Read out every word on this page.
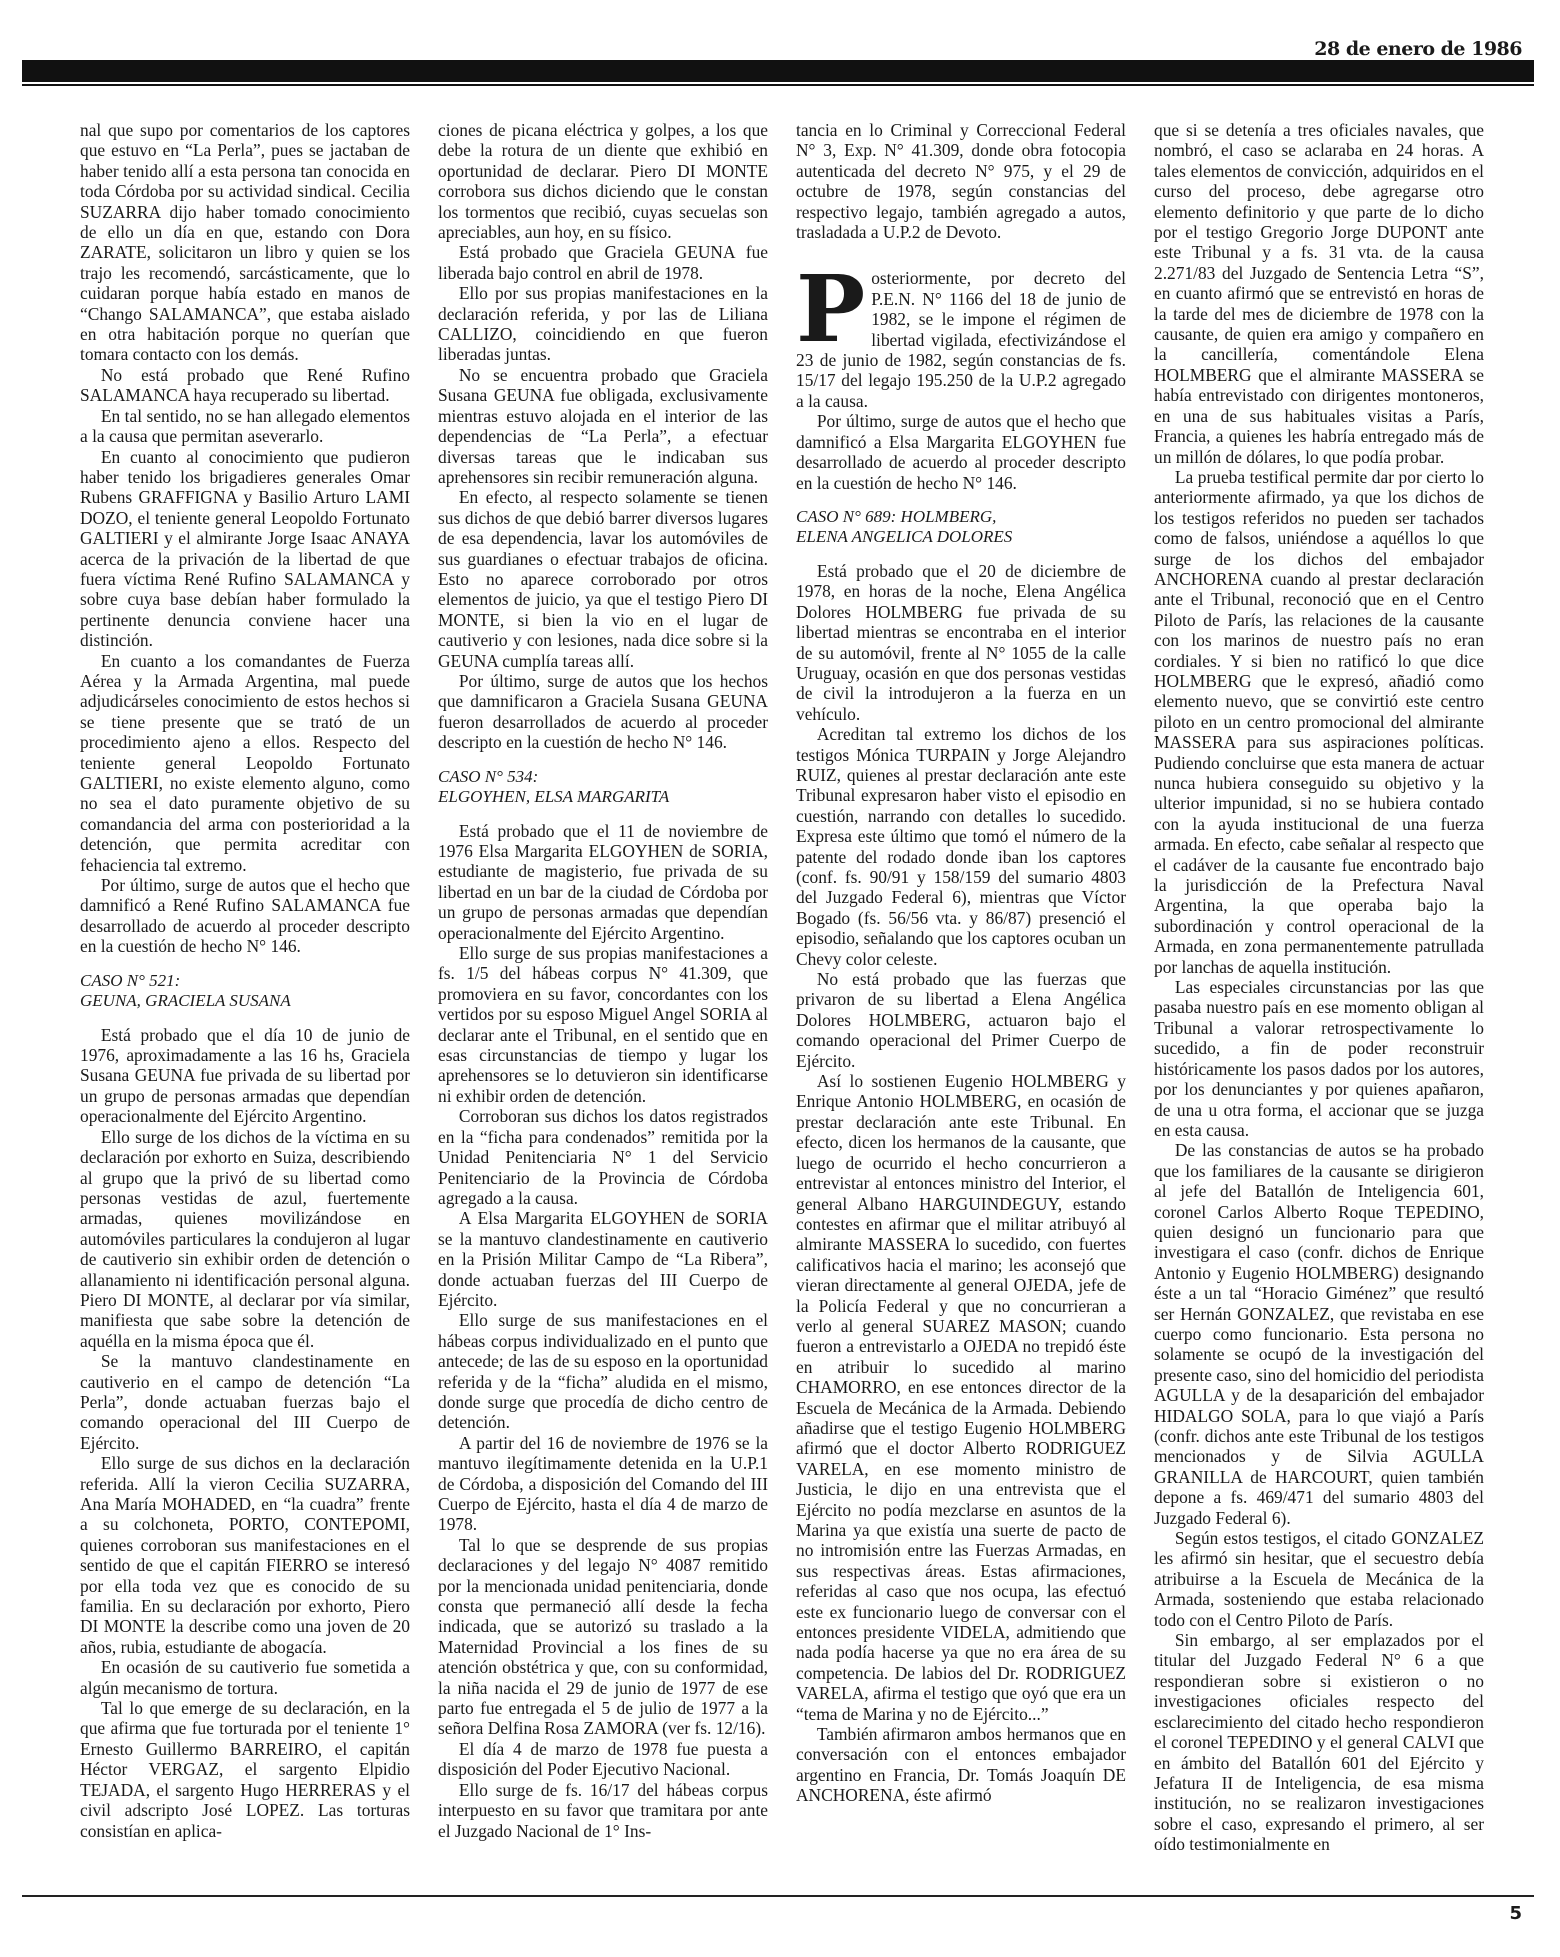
28 de enero de 1986

nal que supo por comentarios de los captores que estuvo en “La Perla”, pues se jactaban de haber tenido allí a esta persona tan conocida en toda Córdoba por su actividad sindical. Cecilia SUZARRA dijo haber tomado conocimiento de ello un día en que, estando con Dora ZARATE, solicitaron un libro y quien se los trajo les recomendó, sarcásticamente, que lo cuidaran porque había estado en manos de “Chango SALAMANCA”, que estaba aislado en otra habitación porque no querían que tomara contacto con los demás.

No está probado que René Rufino SALAMANCA haya recuperado su libertad.

En tal sentido, no se han allegado elementos a la causa que permitan aseverarlo.

En cuanto al conocimiento que pudieron haber tenido los brigadieres generales Omar Rubens GRAFFIGNA y Basilio Arturo LAMI DOZO, el teniente general Leopoldo Fortunato GALTIERI y el almirante Jorge Isaac ANAYA acerca de la privación de la libertad de que fuera víctima René Rufino SALAMANCA y sobre cuya base debían haber formulado la pertinente denuncia conviene hacer una distinción.

En cuanto a los comandantes de Fuerza Aérea y la Armada Argentina, mal puede adjudicárseles conocimiento de estos hechos si se tiene presente que se trató de un procedimiento ajeno a ellos. Respecto del teniente general Leopoldo Fortunato GALTIERI, no existe elemento alguno, como no sea el dato puramente objetivo de su comandancia del arma con posterioridad a la detención, que permita acreditar con fehaciencia tal extremo.

Por último, surge de autos que el hecho que damnificó a René Rufino SALAMANCA fue desarrollado de acuerdo al proceder descripto en la cuestión de hecho N° 146.

CASO N° 521:
GEUNA, GRACIELA SUSANA

Está probado que el día 10 de junio de 1976, aproximadamente a las 16 hs, Graciela Susana GEUNA fue privada de su libertad por un grupo de personas armadas que dependían operacionalmente del Ejército Argentino.

Ello surge de los dichos de la víctima en su declaración por exhorto en Suiza, describiendo al grupo que la privó de su libertad como personas vestidas de azul, fuertemente armadas, quienes movilizándose en automóviles particulares la condujeron al lugar de cautiverio sin exhibir orden de detención o allanamiento ni identificación personal alguna. Piero DI MONTE, al declarar por vía similar, manifiesta que sabe sobre la detención de aquélla en la misma época que él.

Se la mantuvo clandestinamente en cautiverio en el campo de detención “La Perla”, donde actuaban fuerzas bajo el comando operacional del III Cuerpo de Ejército.

Ello surge de sus dichos en la declaración referida. Allí la vieron Cecilia SUZARRA, Ana María MOHADED, en “la cuadra” frente a su colchoneta, PORTO, CONTEPOMI, quienes corroboran sus manifestaciones en el sentido de que el capitán FIERRO se interesó por ella toda vez que es conocido de su familia. En su declaración por exhorto, Piero DI MONTE la describe como una joven de 20 años, rubia, estudiante de abogacía.

En ocasión de su cautiverio fue sometida a algún mecanismo de tortura.

Tal lo que emerge de su declaración, en la que afirma que fue torturada por el teniente 1° Ernesto Guillermo BARREIRO, el capitán Héctor VERGAZ, el sargento Elpidio TEJADA, el sargento Hugo HERRERAS y el civil adscripto José LOPEZ. Las torturas consistían en aplica-

ciones de picana eléctrica y golpes, a los que debe la rotura de un diente que exhibió en oportunidad de declarar. Piero DI MONTE corrobora sus dichos diciendo que le constan los tormentos que recibió, cuyas secuelas son apreciables, aun hoy, en su físico.

Está probado que Graciela GEUNA fue liberada bajo control en abril de 1978.

Ello por sus propias manifestaciones en la declaración referida, y por las de Liliana CALLIZO, coincidiendo en que fueron liberadas juntas.

No se encuentra probado que Graciela Susana GEUNA fue obligada, exclusivamente mientras estuvo alojada en el interior de las dependencias de “La Perla”, a efectuar diversas tareas que le indicaban sus aprehensores sin recibir remuneración alguna.

En efecto, al respecto solamente se tienen sus dichos de que debió barrer diversos lugares de esa dependencia, lavar los automóviles de sus guardianes o efectuar trabajos de oficina. Esto no aparece corroborado por otros elementos de juicio, ya que el testigo Piero DI MONTE, si bien la vio en el lugar de cautiverio y con lesiones, nada dice sobre si la GEUNA cumplía tareas allí.

Por último, surge de autos que los hechos que damnificaron a Graciela Susana GEUNA fueron desarrollados de acuerdo al proceder descripto en la cuestión de hecho N° 146.

CASO N° 534:
ELGOYHEN, ELSA MARGARITA

Está probado que el 11 de noviembre de 1976 Elsa Margarita ELGOYHEN de SORIA, estudiante de magisterio, fue privada de su libertad en un bar de la ciudad de Córdoba por un grupo de personas armadas que dependían operacionalmente del Ejército Argentino.

Ello surge de sus propias manifestaciones a fs. 1/5 del hábeas corpus N° 41.309, que promoviera en su favor, concordantes con los vertidos por su esposo Miguel Angel SORIA al declarar ante el Tribunal, en el sentido que en esas circunstancias de tiempo y lugar los aprehensores se lo detuvieron sin identificarse ni exhibir orden de detención.

Corroboran sus dichos los datos registrados en la “ficha para condenados” remitida por la Unidad Penitenciaria N° 1 del Servicio Penitenciario de la Provincia de Córdoba agregado a la causa.

A Elsa Margarita ELGOYHEN de SORIA se la mantuvo clandestinamente en cautiverio en la Prisión Militar Campo de “La Ribera”, donde actuaban fuerzas del III Cuerpo de Ejército.

Ello surge de sus manifestaciones en el hábeas corpus individualizado en el punto que antecede; de las de su esposo en la oportunidad referida y de la “ficha” aludida en el mismo, donde surge que procedía de dicho centro de detención.

A partir del 16 de noviembre de 1976 se la mantuvo ilegítimamente detenida en la U.P.1 de Córdoba, a disposición del Comando del III Cuerpo de Ejército, hasta el día 4 de marzo de 1978.

Tal lo que se desprende de sus propias declaraciones y del legajo N° 4087 remitido por la mencionada unidad penitenciaria, donde consta que permaneció allí desde la fecha indicada, que se autorizó su traslado a la Maternidad Provincial a los fines de su atención obstétrica y que, con su conformidad, la niña nacida el 29 de junio de 1977 de ese parto fue entregada el 5 de julio de 1977 a la señora Delfina Rosa ZAMORA (ver fs. 12/16).

El día 4 de marzo de 1978 fue puesta a disposición del Poder Ejecutivo Nacional.

Ello surge de fs. 16/17 del hábeas corpus interpuesto en su favor que tramitara por ante el Juzgado Nacional de 1° Ins-

tancia en lo Criminal y Correccional Federal N° 3, Exp. N° 41.309, donde obra fotocopia autenticada del decreto N° 975, y el 29 de octubre de 1978, según constancias del respectivo legajo, también agregado a autos, trasladada a U.P.2 de Devoto.

Posteriormente, por decreto del P.E.N. N° 1166 del 18 de junio de 1982, se le impone el régimen de libertad vigilada, efectivizándose el 23 de junio de 1982, según constancias de fs. 15/17 del legajo 195.250 de la U.P.2 agregado a la causa.

Por último, surge de autos que el hecho que damnificó a Elsa Margarita ELGOYHEN fue desarrollado de acuerdo al proceder descripto en la cuestión de hecho N° 146.

CASO N° 689: HOLMBERG,
ELENA ANGELICA DOLORES

Está probado que el 20 de diciembre de 1978, en horas de la noche, Elena Angélica Dolores HOLMBERG fue privada de su libertad mientras se encontraba en el interior de su automóvil, frente al N° 1055 de la calle Uruguay, ocasión en que dos personas vestidas de civil la introdujeron a la fuerza en un vehículo.

Acreditan tal extremo los dichos de los testigos Mónica TURPAIN y Jorge Alejandro RUIZ, quienes al prestar declaración ante este Tribunal expresaron haber visto el episodio en cuestión, narrando con detalles lo sucedido. Expresa este último que tomó el número de la patente del rodado donde iban los captores (conf. fs. 90/91 y 158/159 del sumario 4803 del Juzgado Federal 6), mientras que Víctor Bogado (fs. 56/56 vta. y 86/87) presenció el episodio, señalando que los captores ocuban un Chevy color celeste.

No está probado que las fuerzas que privaron de su libertad a Elena Angélica Dolores HOLMBERG, actuaron bajo el comando operacional del Primer Cuerpo de Ejército.

Así lo sostienen Eugenio HOLMBERG y Enrique Antonio HOLMBERG, en ocasión de prestar declaración ante este Tribunal. En efecto, dicen los hermanos de la causante, que luego de ocurrido el hecho concurrieron a entrevistar al entonces ministro del Interior, el general Albano HARGUINDEGUY, estando contestes en afirmar que el militar atribuyó al almirante MASSERA lo sucedido, con fuertes calificativos hacia el marino; les aconsejó que vieran directamente al general OJEDA, jefe de la Policía Federal y que no concurrieran a verlo al general SUAREZ MASON; cuando fueron a entrevistarlo a OJEDA no trepidó éste en atribuir lo sucedido al marino CHAMORRO, en ese entonces director de la Escuela de Mecánica de la Armada. Debiendo añadirse que el testigo Eugenio HOLMBERG afirmó que el doctor Alberto RODRIGUEZ VARELA, en ese momento ministro de Justicia, le dijo en una entrevista que el Ejército no podía mezclarse en asuntos de la Marina ya que existía una suerte de pacto de no intromisión entre las Fuerzas Armadas, en sus respectivas áreas. Estas afirmaciones, referidas al caso que nos ocupa, las efectuó este ex funcionario luego de conversar con el entonces presidente VIDELA, admitiendo que nada podía hacerse ya que no era área de su competencia. De labios del Dr. RODRIGUEZ VARELA, afirma el testigo que oyó que era un “tema de Marina y no de Ejército...”

También afirmaron ambos hermanos que en conversación con el entonces embajador argentino en Francia, Dr. Tomás Joaquín DE ANCHORENA, éste afirmó

que si se detenía a tres oficiales navales, que nombró, el caso se aclaraba en 24 horas. A tales elementos de convicción, adquiridos en el curso del proceso, debe agregarse otro elemento definitorio y que parte de lo dicho por el testigo Gregorio Jorge DUPONT ante este Tribunal y a fs. 31 vta. de la causa 2.271/83 del Juzgado de Sentencia Letra “S”, en cuanto afirmó que se entrevistó en horas de la tarde del mes de diciembre de 1978 con la causante, de quien era amigo y compañero en la cancillería, comentándole Elena HOLMBERG que el almirante MASSERA se había entrevistado con dirigentes montoneros, en una de sus habituales visitas a París, Francia, a quienes les habría entregado más de un millón de dólares, lo que podía probar.

La prueba testifical permite dar por cierto lo anteriormente afirmado, ya que los dichos de los testigos referidos no pueden ser tachados como de falsos, uniéndose a aquéllos lo que surge de los dichos del embajador ANCHORENA cuando al prestar declaración ante el Tribunal, reconoció que en el Centro Piloto de París, las relaciones de la causante con los marinos de nuestro país no eran cordiales. Y si bien no ratificó lo que dice HOLMBERG que le expresó, añadió como elemento nuevo, que se convirtió este centro piloto en un centro promocional del almirante MASSERA para sus aspiraciones políticas. Pudiendo concluirse que esta manera de actuar nunca hubiera conseguido su objetivo y la ulterior impunidad, si no se hubiera contado con la ayuda institucional de una fuerza armada. En efecto, cabe señalar al respecto que el cadáver de la causante fue encontrado bajo la jurisdicción de la Prefectura Naval Argentina, la que operaba bajo la subordinación y control operacional de la Armada, en zona permanentemente patrullada por lanchas de aquella institución.

Las especiales circunstancias por las que pasaba nuestro país en ese momento obligan al Tribunal a valorar retrospectivamente lo sucedido, a fin de poder reconstruir históricamente los pasos dados por los autores, por los denunciantes y por quienes apañaron, de una u otra forma, el accionar que se juzga en esta causa.

De las constancias de autos se ha probado que los familiares de la causante se dirigieron al jefe del Batallón de Inteligencia 601, coronel Carlos Alberto Roque TEPEDINO, quien designó un funcionario para que investigara el caso (confr. dichos de Enrique Antonio y Eugenio HOLMBERG) designando éste a un tal “Horacio Giménez” que resultó ser Hernán GONZALEZ, que revistaba en ese cuerpo como funcionario. Esta persona no solamente se ocupó de la investigación del presente caso, sino del homicidio del periodista AGULLA y de la desaparición del embajador HIDALGO SOLA, para lo que viajó a París (confr. dichos ante este Tribunal de los testigos mencionados y de Silvia AGULLA GRANILLA de HARCOURT, quien también depone a fs. 469/471 del sumario 4803 del Juzgado Federal 6).

Según estos testigos, el citado GONZALEZ les afirmó sin hesitar, que el secuestro debía atribuirse a la Escuela de Mecánica de la Armada, sosteniendo que estaba relacionado todo con el Centro Piloto de París.

Sin embargo, al ser emplazados por el titular del Juzgado Federal N° 6 a que respondieran sobre si existieron o no investigaciones oficiales respecto del esclarecimiento del citado hecho respondieron el coronel TEPEDINO y el general CALVI que en ámbito del Batallón 601 del Ejército y Jefatura II de Inteligencia, de esa misma institución, no se realizaron investigaciones sobre el caso, expresando el primero, al ser oído testimonialmente en

5
